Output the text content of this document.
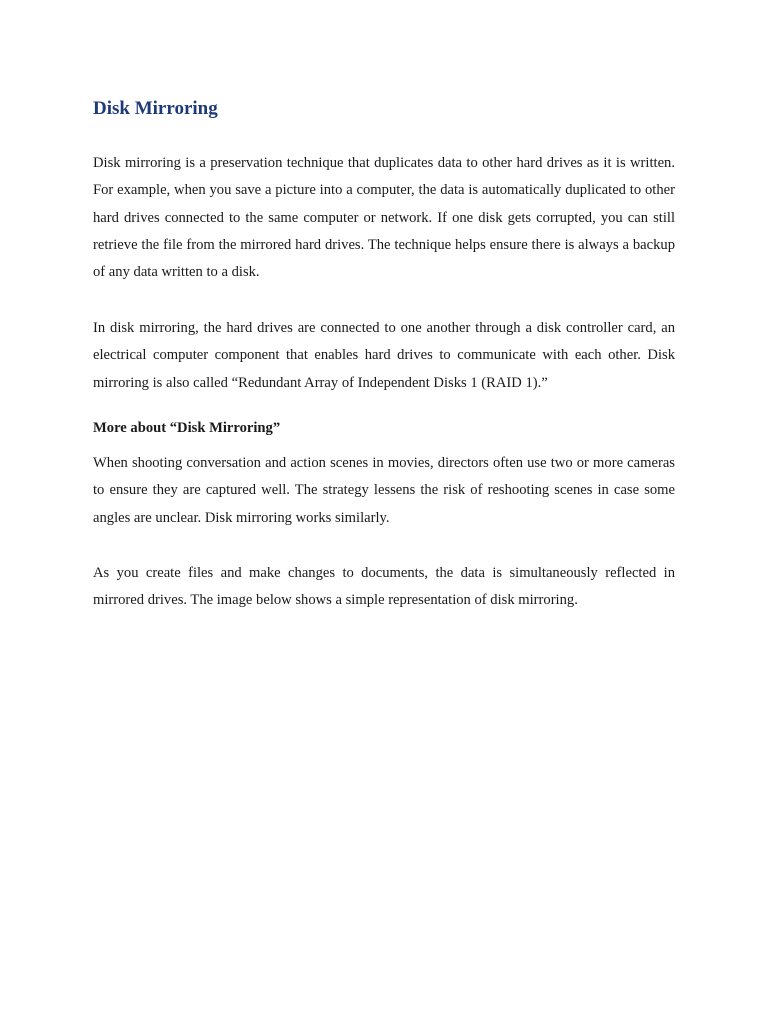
Disk Mirroring

Disk mirroring is a preservation technique that duplicates data to other hard drives as it is written. For example, when you save a picture into a computer, the data is automatically duplicated to other hard drives connected to the same computer or network. If one disk gets corrupted, you can still retrieve the file from the mirrored hard drives. The technique helps ensure there is always a backup of any data written to a disk.

In disk mirroring, the hard drives are connected to one another through a disk controller card, an electrical computer component that enables hard drives to communicate with each other. Disk mirroring is also called “Redundant Array of Independent Disks 1 (RAID 1).”

More about “Disk Mirroring”

When shooting conversation and action scenes in movies, directors often use two or more cameras to ensure they are captured well. The strategy lessens the risk of reshooting scenes in case some angles are unclear. Disk mirroring works similarly.

As you create files and make changes to documents, the data is simultaneously reflected in mirrored drives. The image below shows a simple representation of disk mirroring.
